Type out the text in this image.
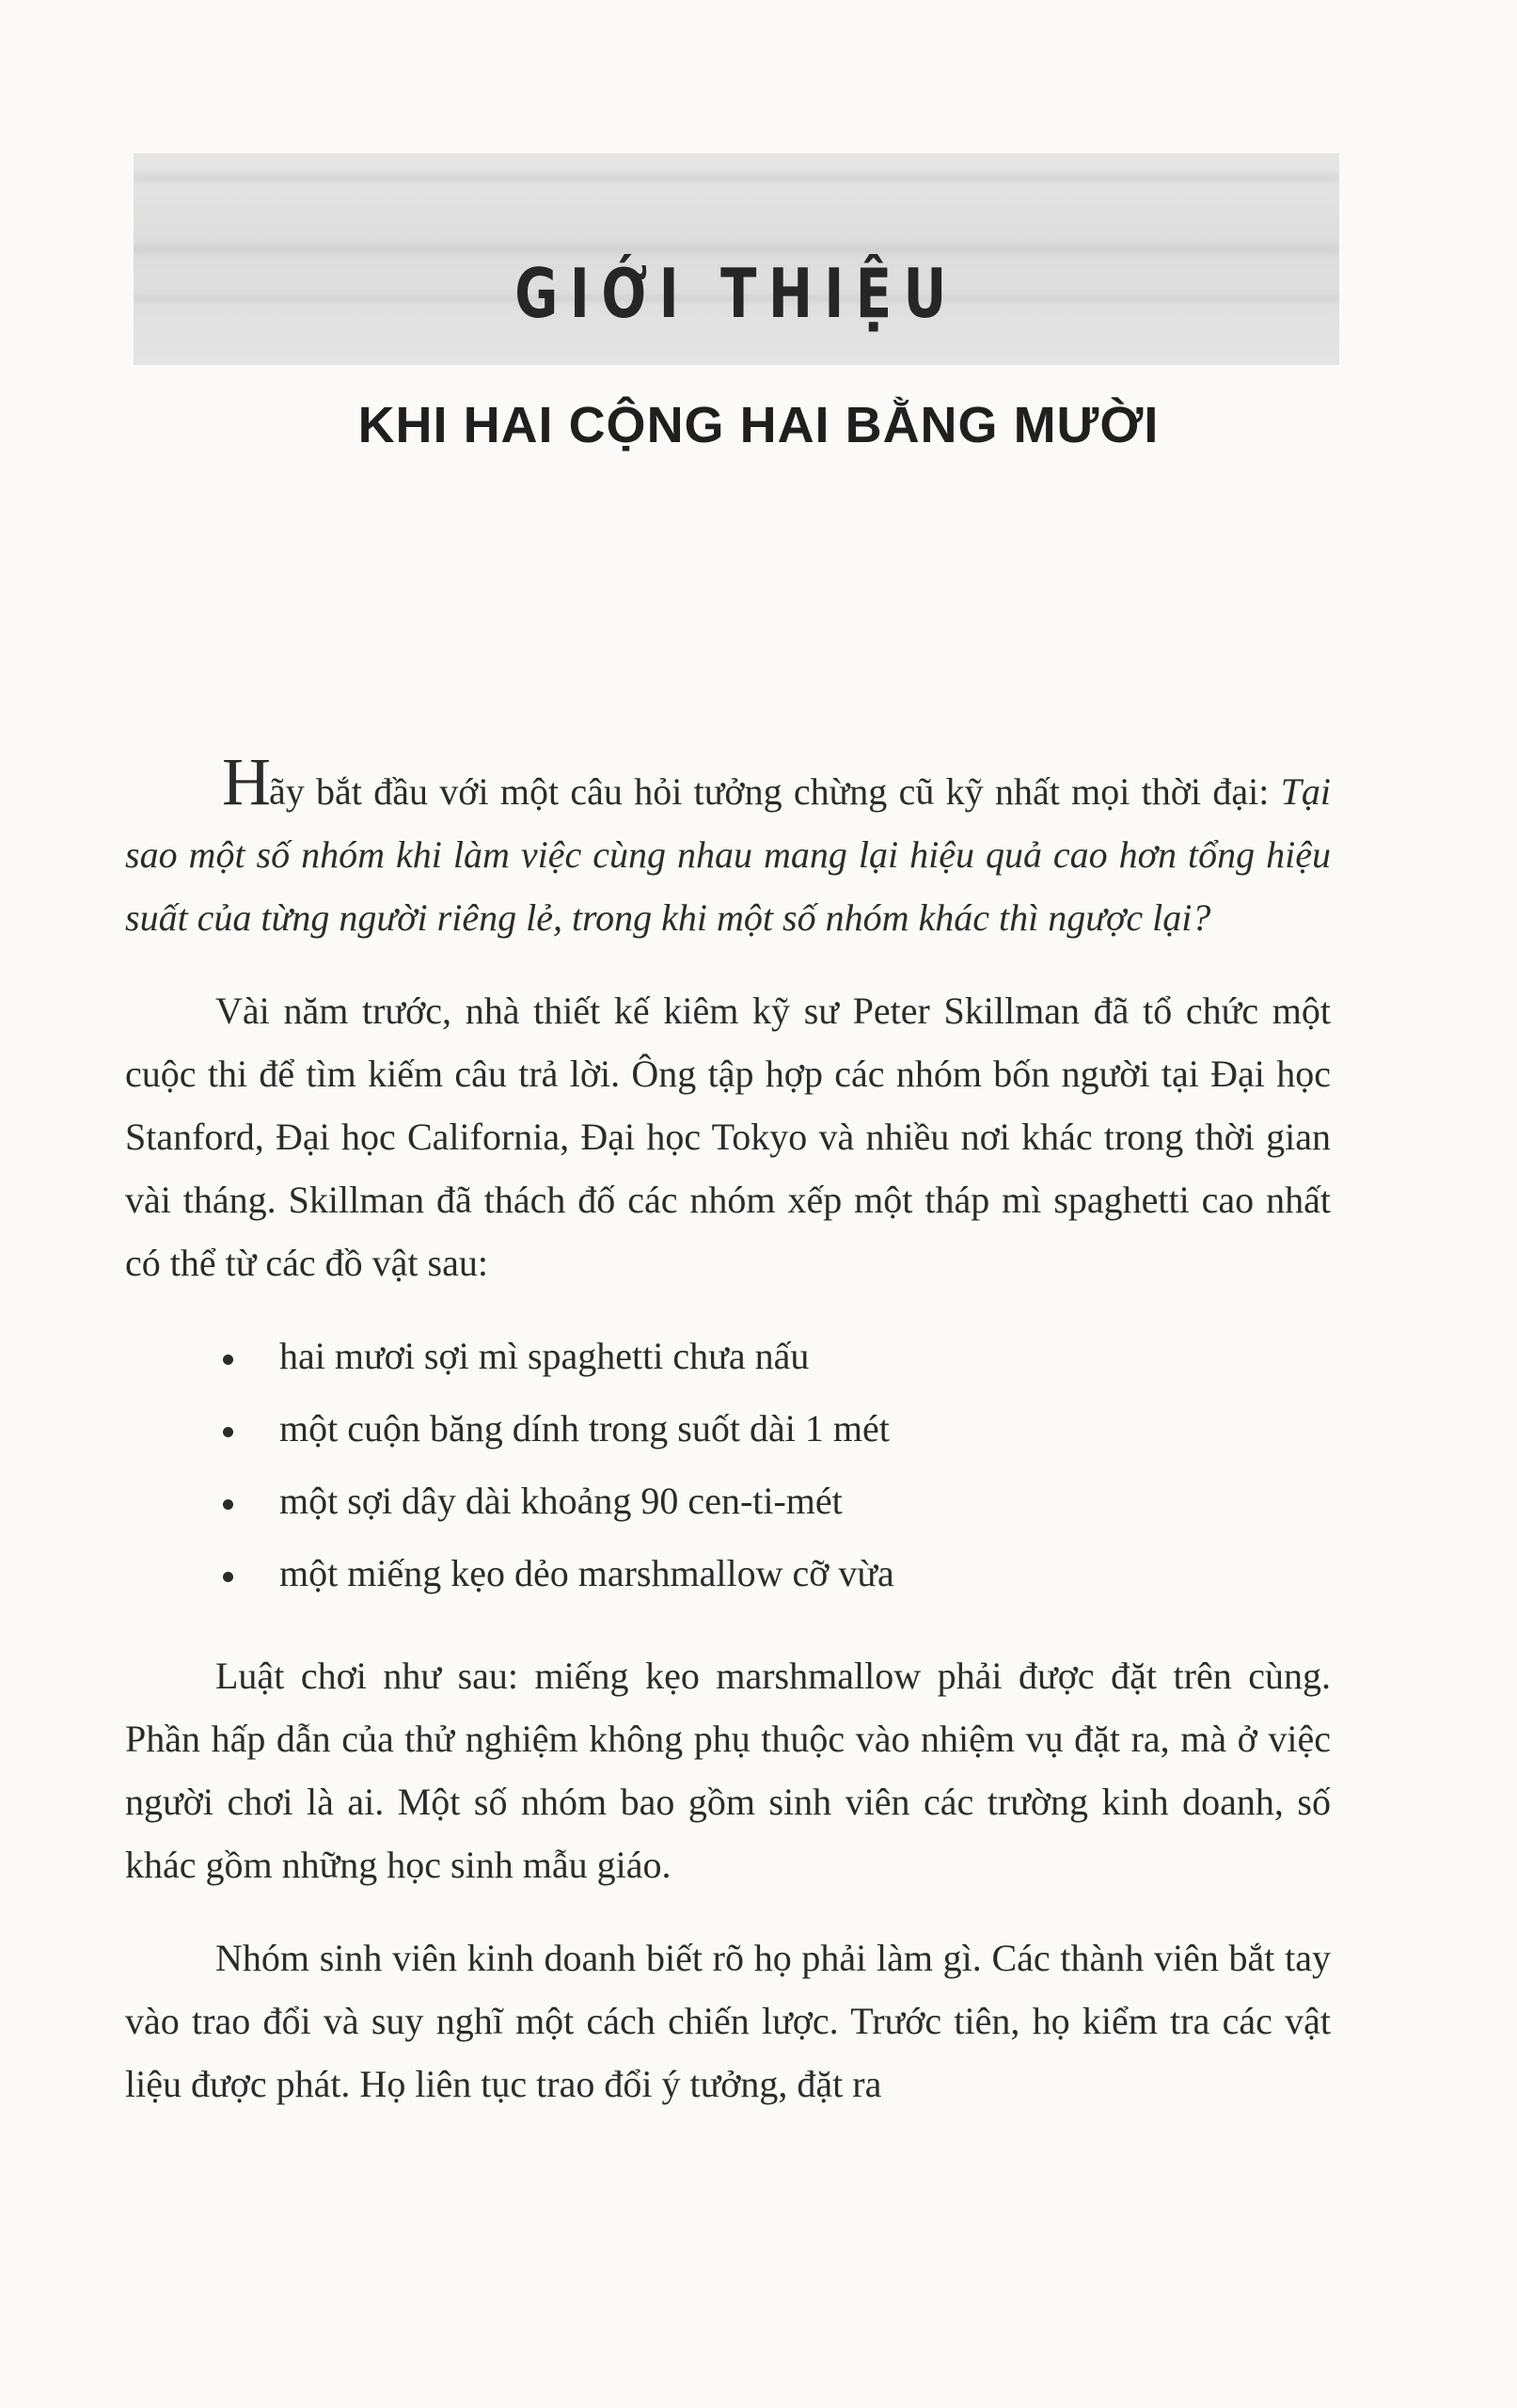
GIỚI THIỆU
KHI HAI CỘNG HAI BẰNG MƯỜI

Hãy bắt đầu với một câu hỏi tưởng chừng cũ kỹ nhất mọi thời đại: Tại sao một số nhóm khi làm việc cùng nhau mang lại hiệu quả cao hơn tổng hiệu suất của từng người riêng lẻ, trong khi một số nhóm khác thì ngược lại?

Vài năm trước, nhà thiết kế kiêm kỹ sư Peter Skillman đã tổ chức một cuộc thi để tìm kiếm câu trả lời. Ông tập hợp các nhóm bốn người tại Đại học Stanford, Đại học California, Đại học Tokyo và nhiều nơi khác trong thời gian vài tháng. Skillman đã thách đố các nhóm xếp một tháp mì spaghetti cao nhất có thể từ các đồ vật sau:

hai mươi sợi mì spaghetti chưa nấu
một cuộn băng dính trong suốt dài 1 mét
một sợi dây dài khoảng 90 cen-ti-mét
một miếng kẹo dẻo marshmallow cỡ vừa

Luật chơi như sau: miếng kẹo marshmallow phải được đặt trên cùng. Phần hấp dẫn của thử nghiệm không phụ thuộc vào nhiệm vụ đặt ra, mà ở việc người chơi là ai. Một số nhóm bao gồm sinh viên các trường kinh doanh, số khác gồm những học sinh mẫu giáo.

Nhóm sinh viên kinh doanh biết rõ họ phải làm gì. Các thành viên bắt tay vào trao đổi và suy nghĩ một cách chiến lược. Trước tiên, họ kiểm tra các vật liệu được phát. Họ liên tục trao đổi ý tưởng, đặt ra
